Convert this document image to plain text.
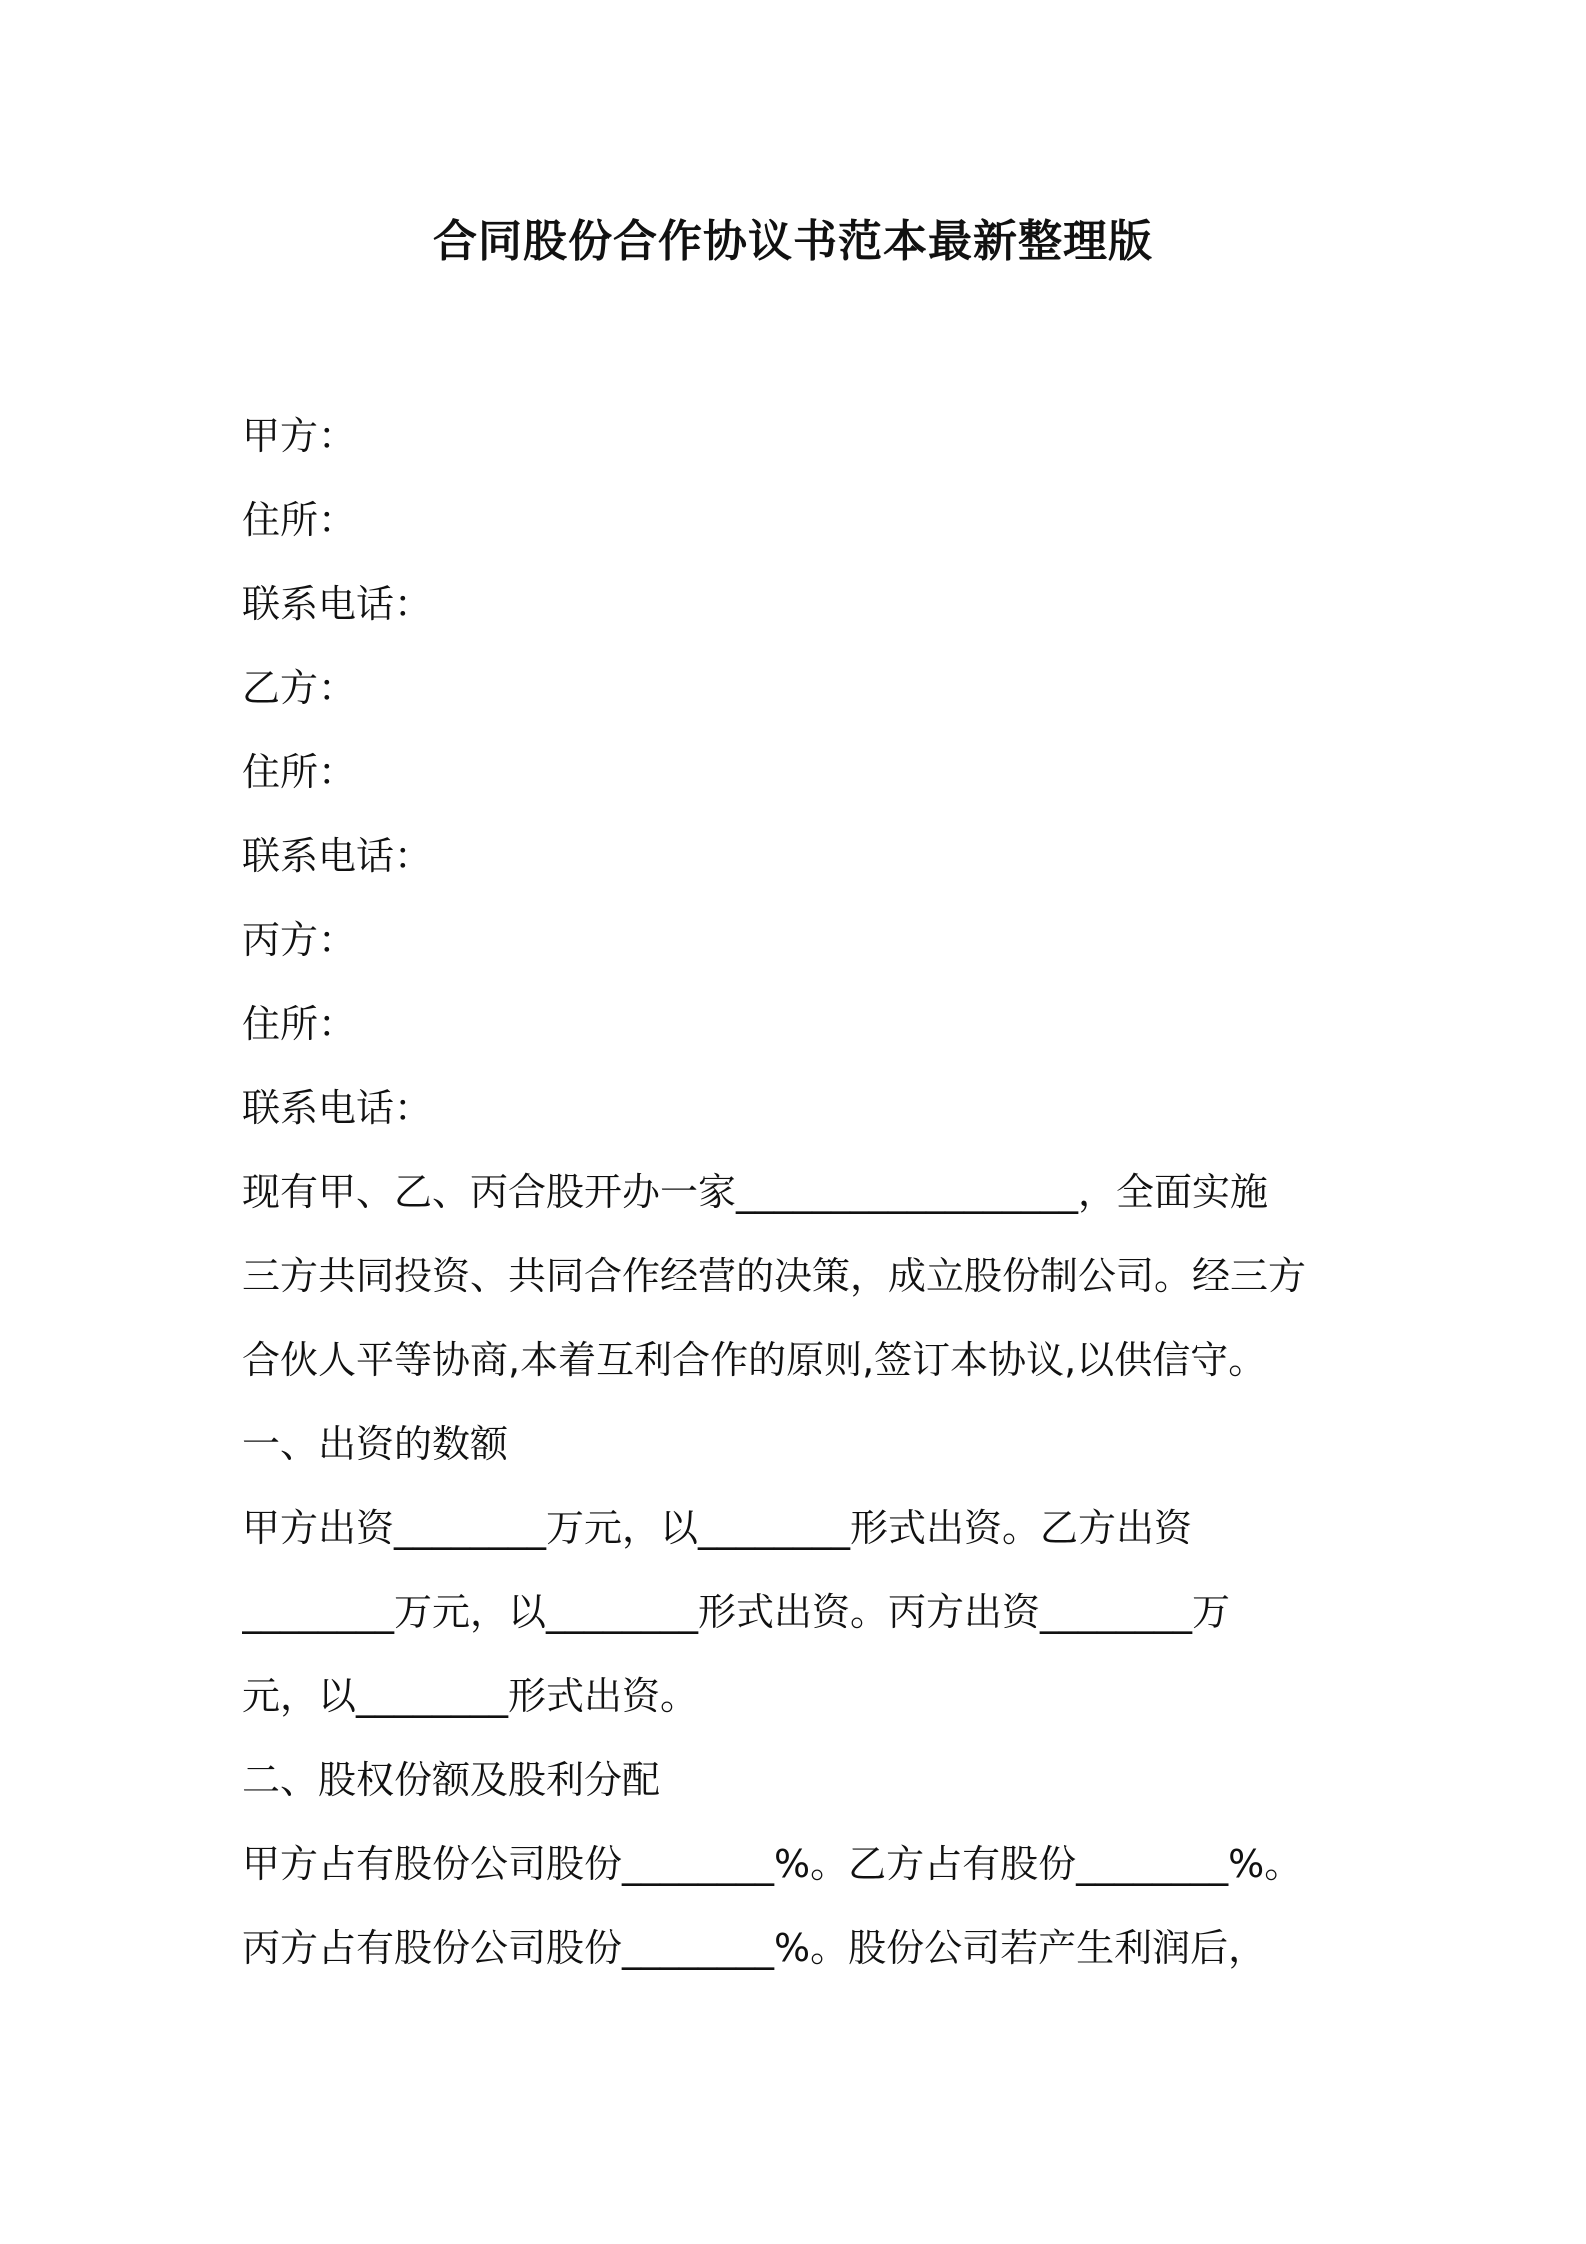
合同股份合作协议书范本最新整理版
甲方：
住所：
联系电话：
乙方：
住所：
联系电话：
丙方：
住所：
联系电话：
现有甲、乙、丙合股开办一家__________________，全面实施
三方共同投资、共同合作经营的决策，成立股份制公司。经三方
合伙人平等协商,本着互利合作的原则,签订本协议,以供信守。
一、出资的数额
甲方出资________万元，以________形式出资。乙方出资
________万元，以________形式出资。丙方出资________万
元，以________形式出资。
二、股权份额及股利分配
甲方占有股份公司股份________%。乙方占有股份________%。
丙方占有股份公司股份________%。股份公司若产生利润后，
